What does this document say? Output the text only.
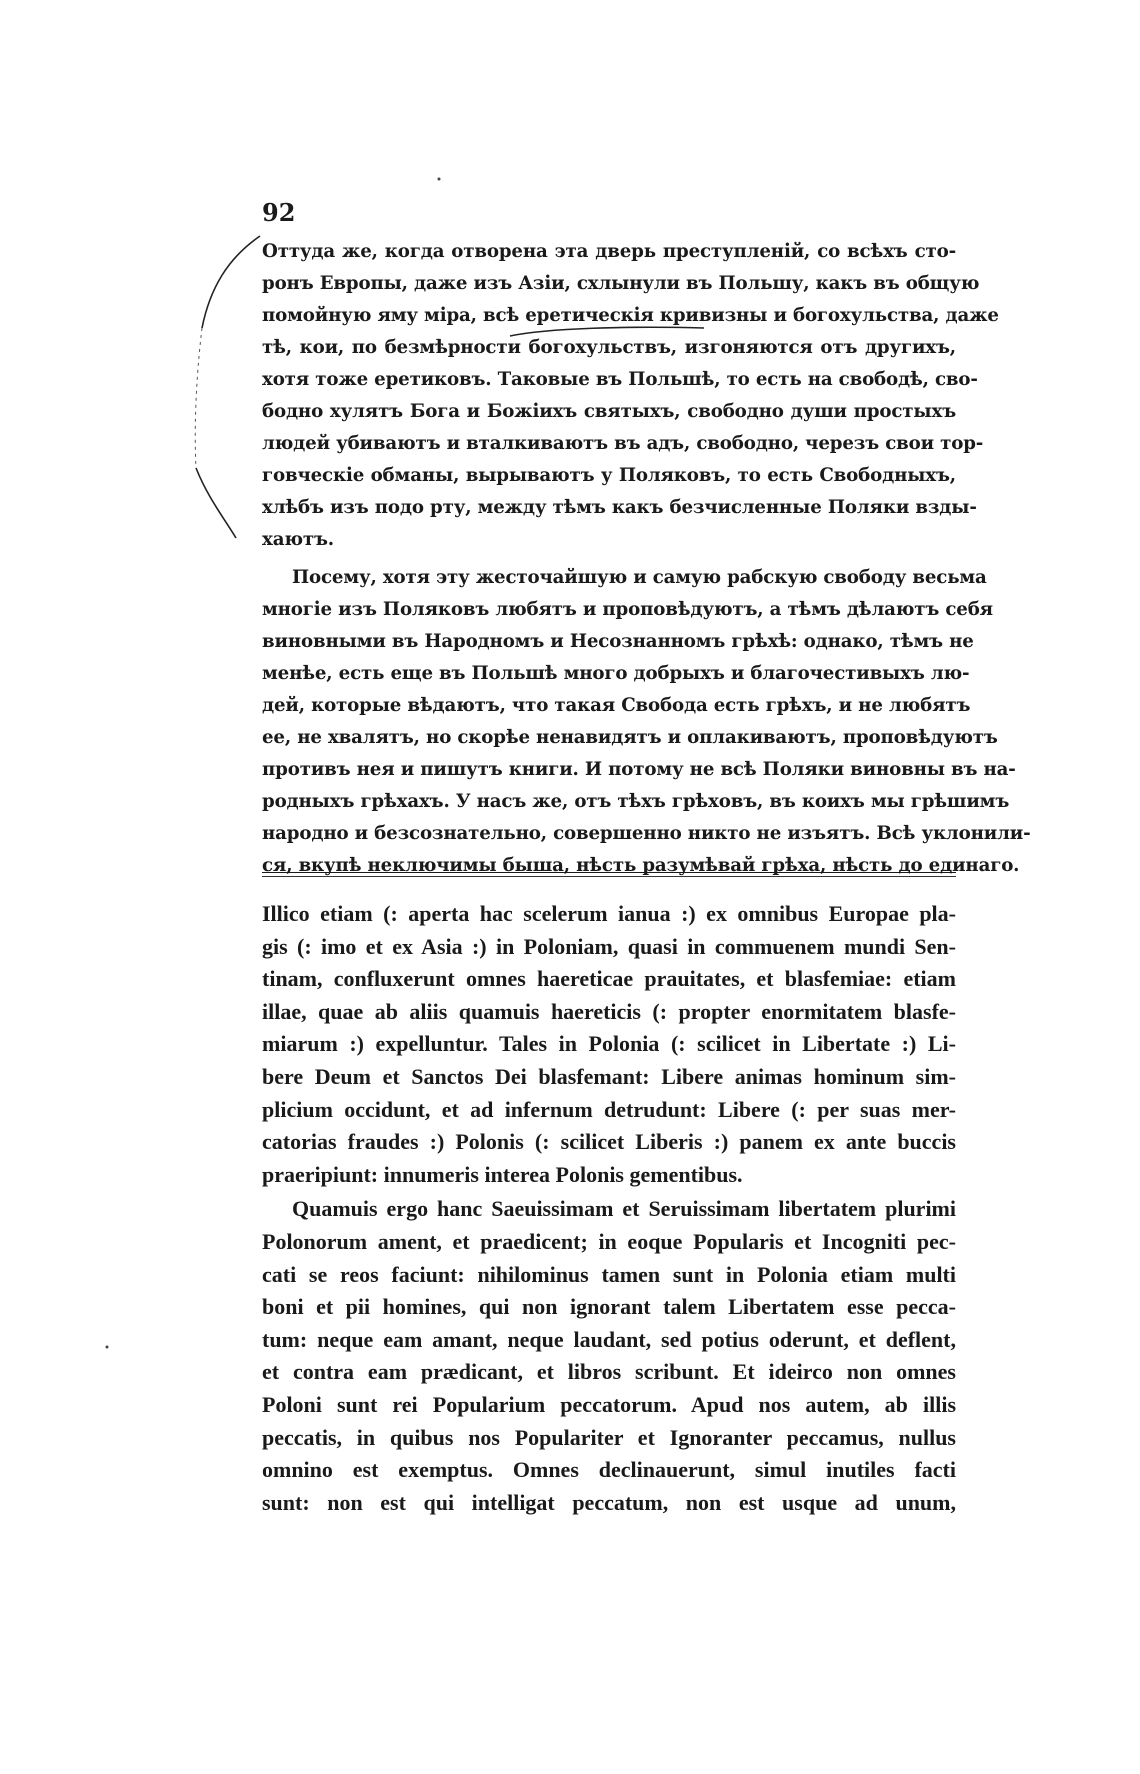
92
Оттуда же, когда отворена эта дверь преступленій, со всѣхъ сто-
ронъ Европы, даже изъ Азіи, схлынули въ Польшу, какъ въ общую
помойную яму міра, всѣ еретическія кривизны и богохульства, даже
тѣ, кои, по безмѣрности богохульствъ, изгоняются отъ другихъ,
хотя тоже еретиковъ. Таковые въ Польшѣ, то есть на свободѣ, сво-
бодно хулятъ Бога и Божіихъ святыхъ, свободно души простыхъ
людей убиваютъ и вталкиваютъ въ адъ, свободно, черезъ свои тор-
говческіе обманы, вырываютъ у Поляковъ, то есть Свободныхъ,
хлѣбъ изъ подо рту, между тѣмъ какъ безчисленные Поляки взды-
хаютъ.
Посему, хотя эту жесточайшую и самую рабскую свободу весьма
многіе изъ Поляковъ любятъ и проповѣдуютъ, а тѣмъ дѣлаютъ себя
виновными въ Народномъ и Несознанномъ грѣхѣ: однако, тѣмъ не
менѣе, есть еще въ Польшѣ много добрыхъ и благочестивыхъ лю-
дей, которые вѣдаютъ, что такая Свобода есть грѣхъ, и не любятъ
ее, не хвалятъ, но скорѣе ненавидятъ и оплакиваютъ, проповѣдуютъ
противъ нея и пишутъ книги. И потому не всѣ Поляки виновны въ на-
родныхъ грѣхахъ. У насъ же, отъ тѣхъ грѣховъ, въ коихъ мы грѣшимъ
народно и безсознательно, совершенно никто не изъятъ. Всѣ уклонили-
ся, вкупѣ неключимы быша, нѣсть разумѣвай грѣха, нѣсть до единаго.
Illico etiam (: aperta hac scelerum ianua :) ex omnibus Europae pla-
gis (: imo et ex Asia :) in Poloniam, quasi in commuenem mundi Sen-
tinam, confluxerunt omnes haereticae prauitates, et blasfemiae: etiam
illae, quae ab aliis quamuis haereticis (: propter enormitatem blasfe-
miarum :) expelluntur. Tales in Polonia (: scilicet in Libertate :) Li-
bere Deum et Sanctos Dei blasfemant: Libere animas hominum sim-
plicium occidunt, et ad infernum detrudunt: Libere (: per suas mer-
catorias fraudes :) Polonis (: scilicet Liberis :) panem ex ante buccis
praeripiunt: innumeris interea Polonis gementibus.
Quamuis ergo hanc Saeuissimam et Seruissimam libertatem plurimi
Polonorum ament, et praedicent; in eoque Popularis et Incogniti pec-
cati se reos faciunt: nihilominus tamen sunt in Polonia etiam multi
boni et pii homines, qui non ignorant talem Libertatem esse pecca-
tum: neque eam amant, neque laudant, sed potius oderunt, et deflent,
et contra eam prædicant, et libros scribunt. Et ideirco non omnes
Poloni sunt rei Popularium peccatorum. Apud nos autem, ab illis
peccatis, in quibus nos Populariter et Ignoranter peccamus, nullus
omnino est exemptus. Omnes declinauerunt, simul inutiles facti
sunt: non est qui intelligat peccatum, non est usque ad unum,
